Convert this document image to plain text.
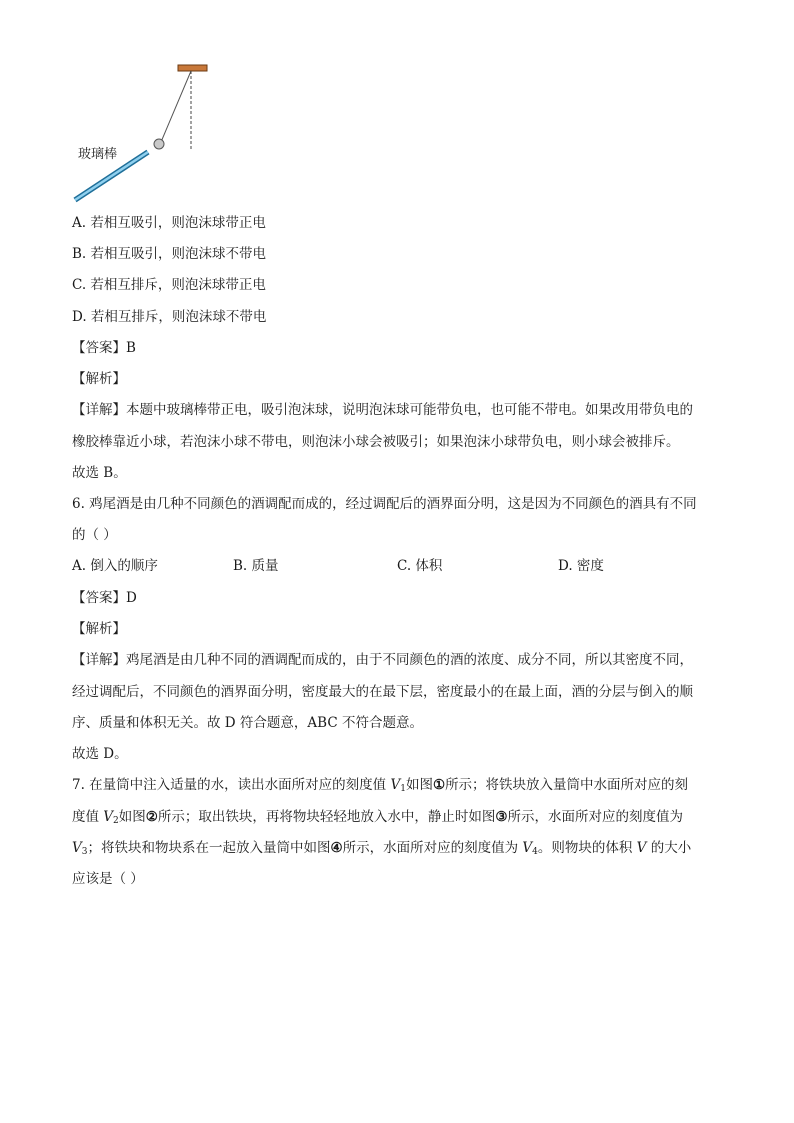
玻璃棒
A. 若相互吸引，则泡沫球带正电
B. 若相互吸引，则泡沫球不带电
C. 若相互排斥，则泡沫球带正电
D. 若相互排斥，则泡沫球不带电
【答案】B
【解析】
【详解】本题中玻璃棒带正电，吸引泡沫球，说明泡沫球可能带负电，也可能不带电。如果改用带负电的
橡胶棒靠近小球，若泡沫小球不带电，则泡沫小球会被吸引；如果泡沫小球带负电，则小球会被排斥。
故选 B。
6. 鸡尾酒是由几种不同颜色的酒调配而成的，经过调配后的酒界面分明，这是因为不同颜色的酒具有不同
的（ ）
A. 倒入的顺序	B. 质量	C. 体积	D. 密度
【答案】D
【解析】
【详解】鸡尾酒是由几种不同的酒调配而成的，由于不同颜色的酒的浓度、成分不同，所以其密度不同，
经过调配后，不同颜色的酒界面分明，密度最大的在最下层，密度最小的在最上面，酒的分层与倒入的顺
序、质量和体积无关。故 D 符合题意，ABC 不符合题意。
故选 D。
7. 在量筒中注入适量的水，读出水面所对应的刻度值 $V_1$如图①所示；将铁块放入量筒中水面所对应的刻
度值 $V_2$如图②所示；取出铁块，再将物块轻轻地放入水中，静止时如图③所示，水面所对应的刻度值为
$V_3$；将铁块和物块系在一起放入量筒中如图④所示，水面所对应的刻度值为 $V_4$。则物块的体积 V 的大小
应该是（ ）
